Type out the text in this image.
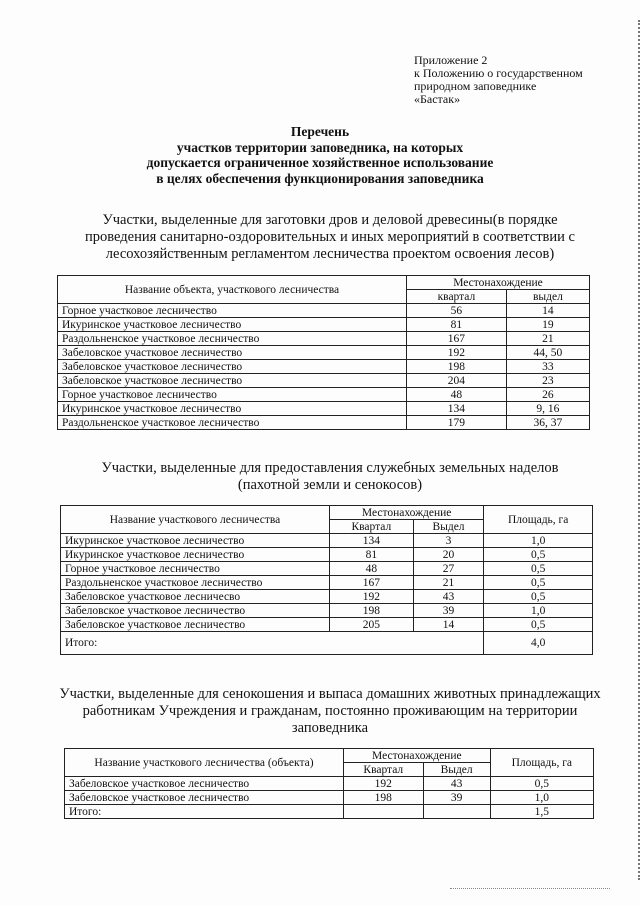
Приложение 2
к Положению о государственном
природном заповеднике
«Бастак»
Перечень
участков территории заповедника, на которых
допускается ограниченное хозяйственное использование
в целях обеспечения функционирования заповедника
Участки, выделенные для заготовки дров и деловой древесины(в порядке
проведения санитарно-оздоровительных и иных мероприятий в соответствии с
лесохозяйственным регламентом лесничества проектом освоения лесов)
Название объекта, участкового лесничества	Местонахождение	
	квартал	выдел
Горное участковое лесничество	56	14
Икуринское участковое лесничество	81	19
Раздольненское участковое лесничество	167	21
Забеловское участковое лесничество	192	44, 50
Забеловское участковое лесничество	198	33
Забеловское участковое лесничество	204	23
Горное участковое лесничество	48	26
Икуринское участковое лесничество	134	9, 16
Раздольненское участковое лесничество	179	36, 37
Участки, выделенные для предоставления служебных земельных наделов
(пахотной земли и сенокосов)
Название участкового лесничества	Местонахождение		Площадь, га
	Квартал	Выдел	
Икуринское участковое лесничество	134	3	1,0
Икуринское участковое лесничество	81	20	0,5
Горное участковое лесничество	48	27	0,5
Раздольненское участковое лесничество	167	21	0,5
Забеловское участковое лесничесво	192	43	0,5
Забеловское участковое лесничество	198	39	1,0
Забеловское участковое лесничество	205	14	0,5
Итого:			4,0
Участки, выделенные для сенокошения и выпаса домашних животных принадлежащих
работникам Учреждения и гражданам, постоянно проживающим на территории
заповедника
Название участкового лесничества (объекта)	Местонахождение		Площадь, га
	Квартал	Выдел	
Забеловское участковое лесничество	192	43	0,5
Забеловское участковое лесничество	198	39	1,0
Итого:			1,5
